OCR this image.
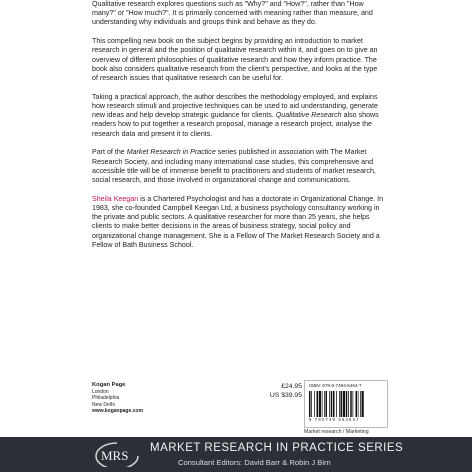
Qualitative research explores questions such as "Why?" and "How?", rather than "How many?" or "How much?". It is primarily concerned with meaning rather than measure, and understanding why individuals and groups think and behave as they do.

This compelling new book on the subject begins by providing an introduction to market research in general and the position of qualitative research within it, and goes on to give an overview of different philosophies of qualitative research and how they inform practice. The book also considers qualitative research from the client's perspective, and looks at the type of research issues that qualitative research can be useful for.

Taking a practical approach, the author describes the methodology employed, and explains how research stimuli and projective techniques can be used to aid understanding, generate new ideas and help develop strategic guidance for clients. Qualitative Research also shows readers how to put together a research proposal, manage a research project, analyse the research data and present it to clients.

Part of the Market Research in Practice series published in association with The Market Research Society, and including many international case studies, this comprehensive and accessible title will be of immense benefit to practitioners and students of market research, social research, and those involved in organizational change and communications.

Sheila Keegan is a Chartered Psychologist and has a doctorate in Organizational Change. In 1983, she co-founded Campbell Keegan Ltd, a business psychology consultancy working in the private and public sectors. A qualitative researcher for more than 25 years, she helps clients to make better decisions in the areas of business strategy, social policy and organizational change management. She is a Fellow of The Market Research Society and a Fellow of Bath Business School.

Kogan Page
London
Philadelphia
New Delhi
www.koganpage.com
£24.95
US $39.95
ISBN: 978-0-7494-5464-7
9 780749 454647
Market research / Marketing
MRS MARKET RESEARCH IN PRACTICE SERIES
Consultant Editors: David Barr & Robin J Birn
